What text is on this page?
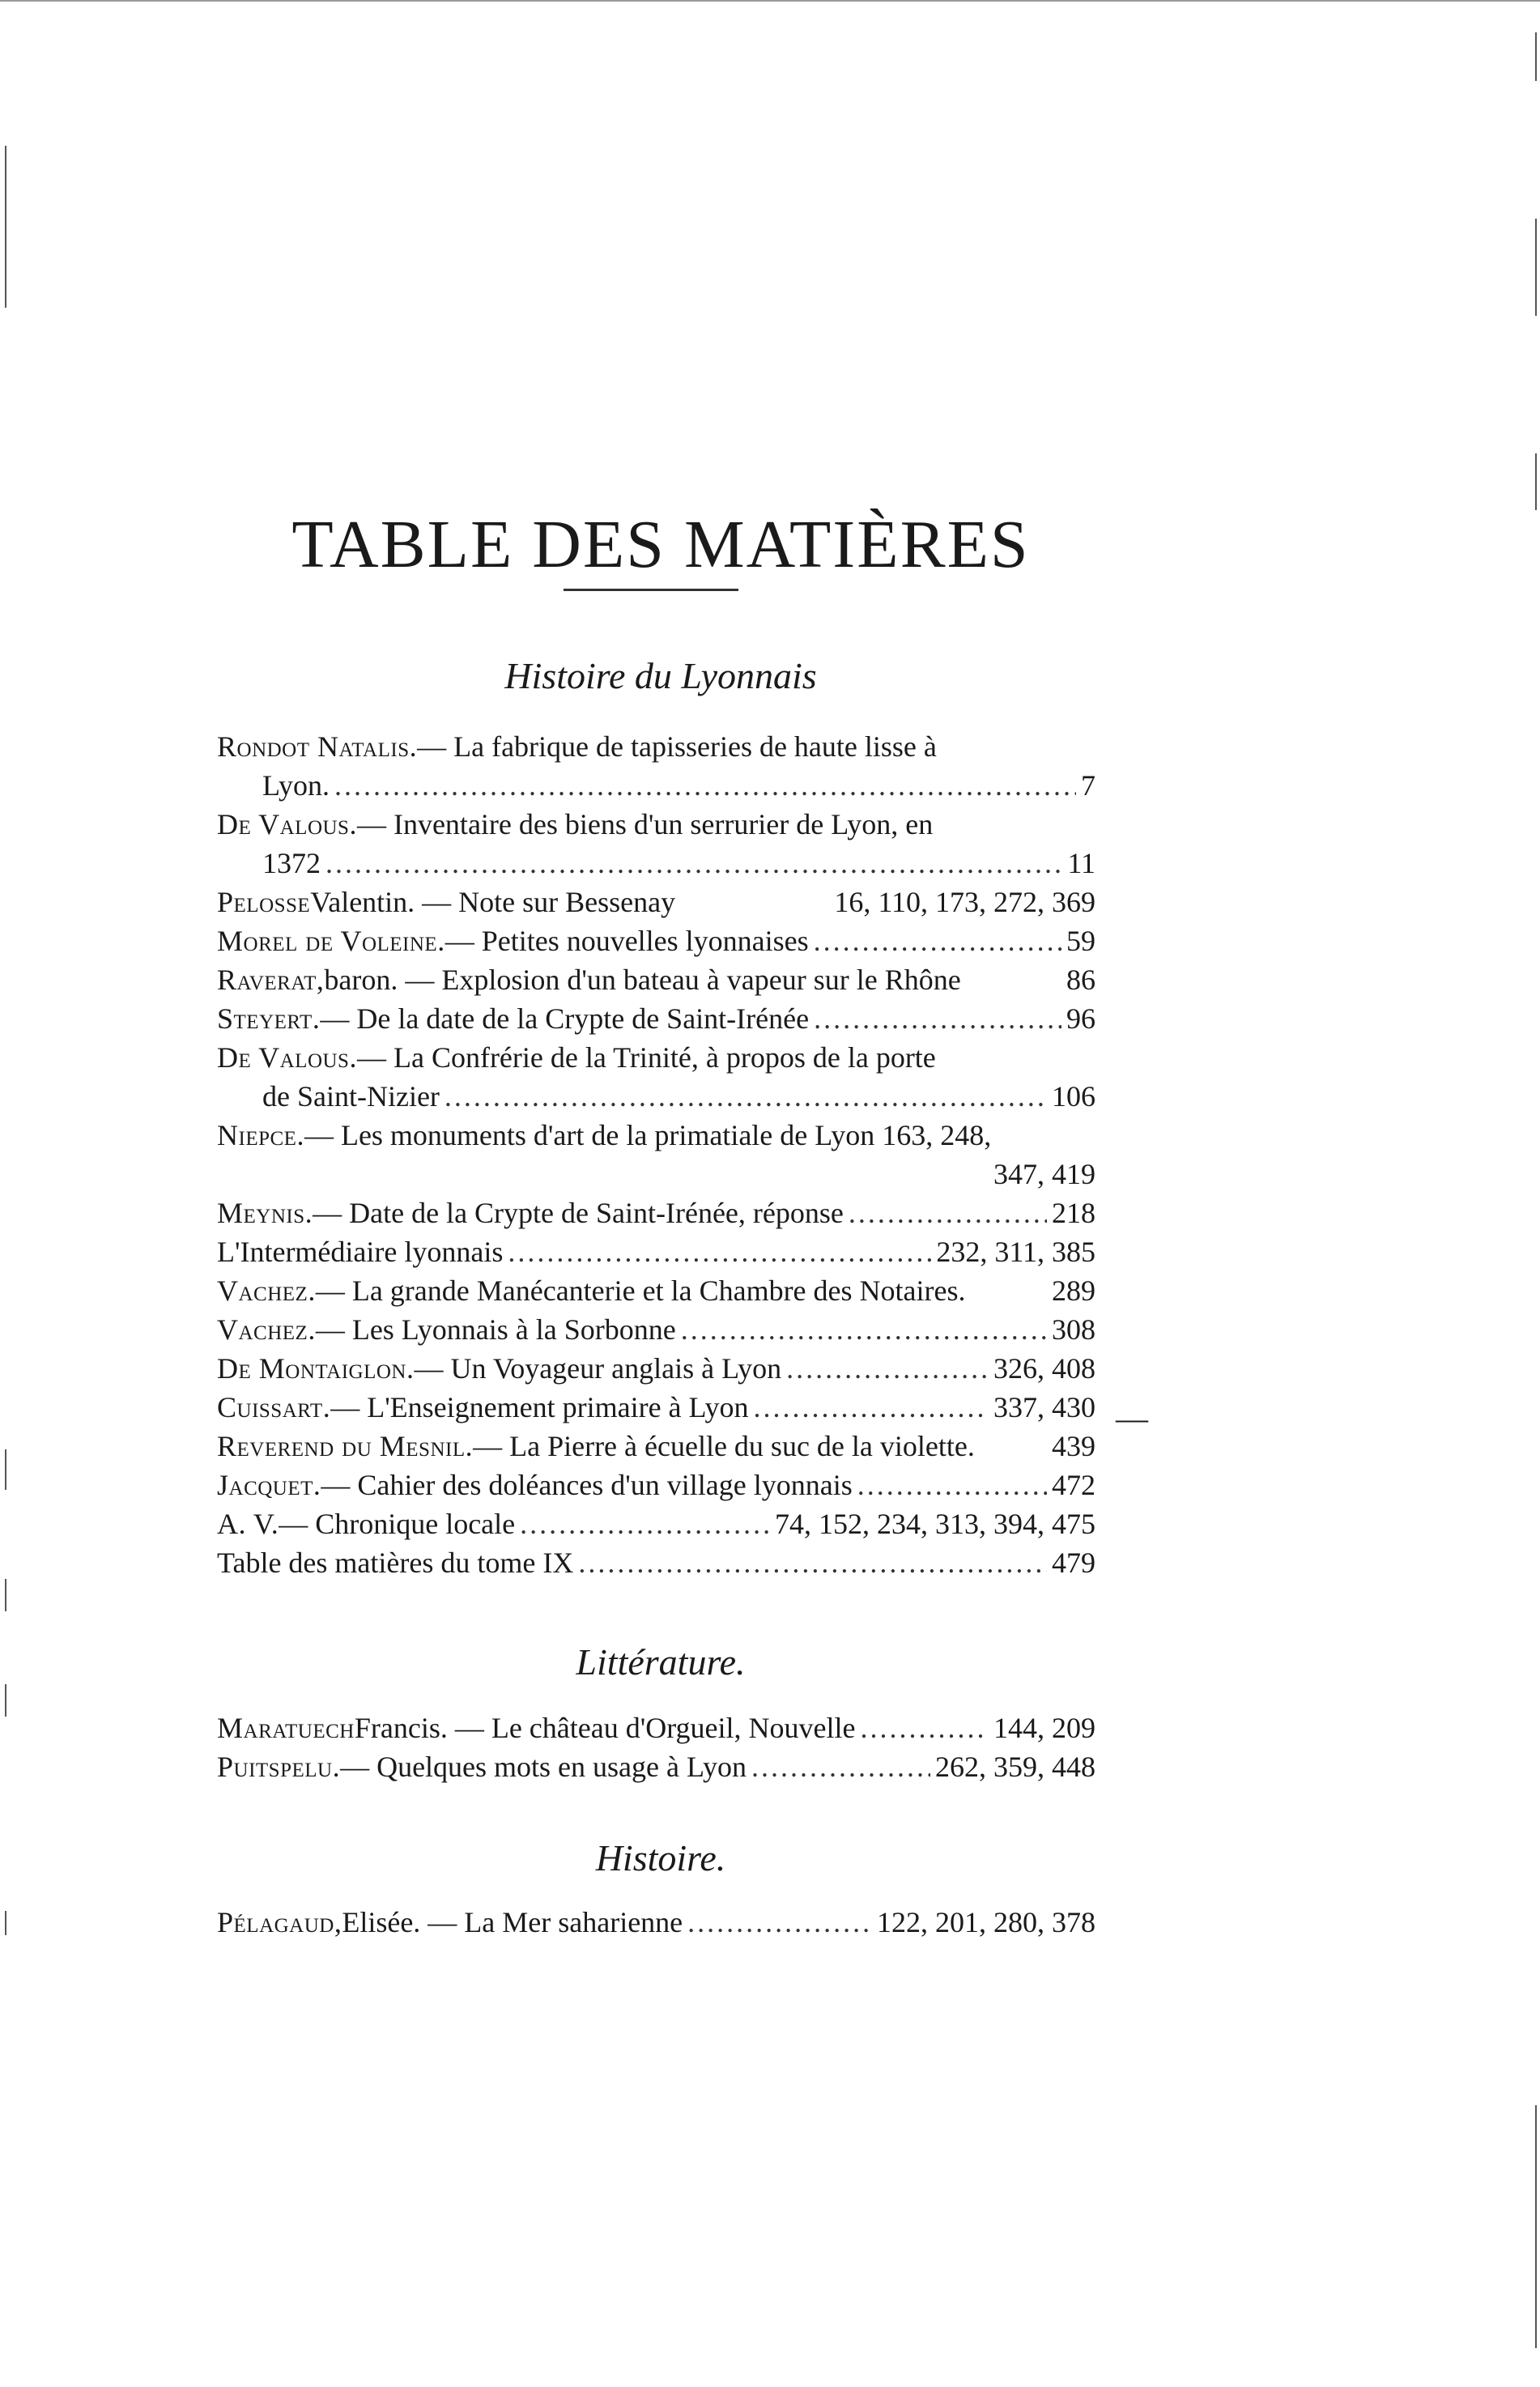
TABLE DES MATIÈRES
Histoire du Lyonnais
Rondot Natalis. — La fabrique de tapisseries de haute lisse à
Lyon. .....	7
De Valous. — Inventaire des biens d'un serrurier de Lyon, en
1372 .....	11
Pelosse Valentin. — Note sur Bessenay	16, 110, 173, 272, 369
Morel de Voleine. — Petites nouvelles lyonnaises .....	59
Raverat, baron. — Explosion d'un bateau à vapeur sur le Rhône	86
Steyert. — De la date de la Crypte de Saint-Irénée .....	96
De Valous. — La Confrérie de la Trinité, à propos de la porte
de Saint-Nizier .....	106
Niepce. — Les monuments d'art de la primatiale de Lyon 163, 248,
347, 419
Meynis. — Date de la Crypte de Saint-Irénée, réponse .....	218
L'Intermédiaire lyonnais .....	232, 311, 385
Vachez. — La grande Manécanterie et la Chambre des Notaires.	289
Vachez. — Les Lyonnais à la Sorbonne .....	308
De Montaiglon. — Un Voyageur anglais à Lyon .....	326, 408
Cuissart. — L'Enseignement primaire à Lyon .....	337, 430
Reverend du Mesnil. — La Pierre à écuelle du suc de la violette.	439
Jacquet. — Cahier des doléances d'un village lyonnais .....	472
A. V. — Chronique locale .....	74, 152, 234, 313, 394, 475
Table des matières du tome IX .....	479
—
Littérature.
Maratuech Francis. — Le château d'Orgueil, Nouvelle .....	144, 209
Puitspelu. — Quelques mots en usage à Lyon .....	262, 359, 448
Histoire.
Pélagaud, Elisée. — La Mer saharienne .....	122, 201, 280, 378
